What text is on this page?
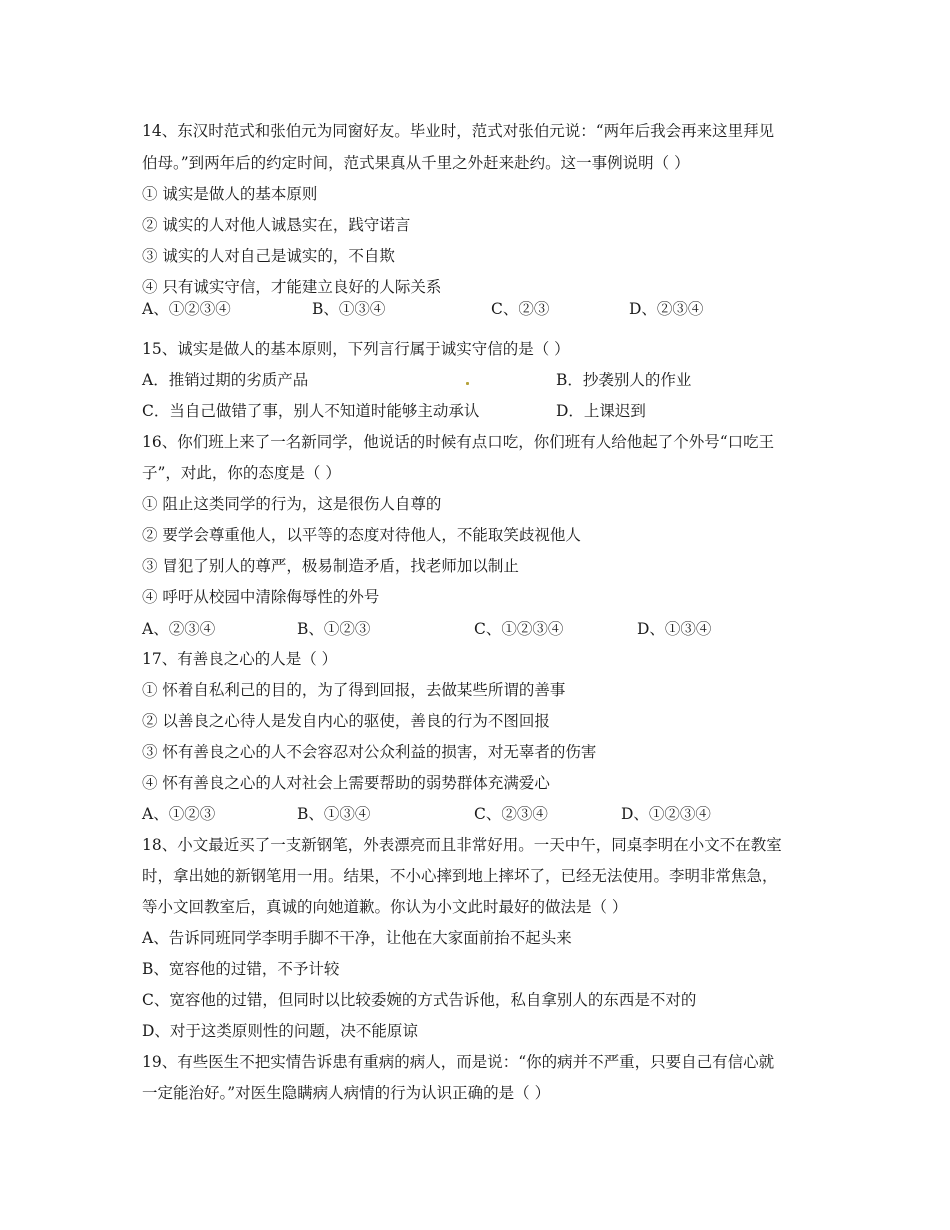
14、东汉时范式和张伯元为同窗好友。毕业时，范式对张伯元说：“两年后我会再来这里拜见
伯母。”到两年后的约定时间，范式果真从千里之外赶来赴约。这一事例说明（ ）
① 诚实是做人的基本原则
② 诚实的人对他人诚恳实在，践守诺言
③ 诚实的人对自己是诚实的，不自欺
④ 只有诚实守信，才能建立良好的人际关系
A、①②③④	B、①③④	C、②③	D、②③④
15、诚实是做人的基本原则，下列言行属于诚实守信的是（ ）
A．推销过期的劣质产品	B．抄袭别人的作业
C．当自己做错了事，别人不知道时能够主动承认	D．上课迟到
16、你们班上来了一名新同学，他说话的时候有点口吃，你们班有人给他起了个外号“口吃王
子”，对此，你的态度是（ ）
① 阻止这类同学的行为，这是很伤人自尊的
② 要学会尊重他人，以平等的态度对待他人，不能取笑歧视他人
③ 冒犯了别人的尊严，极易制造矛盾，找老师加以制止
④ 呼吁从校园中清除侮辱性的外号
A、②③④	B、①②③	C、①②③④	D、①③④
17、有善良之心的人是（ ）
① 怀着自私利己的目的，为了得到回报，去做某些所谓的善事
② 以善良之心待人是发自内心的驱使，善良的行为不图回报
③ 怀有善良之心的人不会容忍对公众利益的损害，对无辜者的伤害
④ 怀有善良之心的人对社会上需要帮助的弱势群体充满爱心
A、①②③	B、①③④	C、②③④	D、①②③④
18、小文最近买了一支新钢笔，外表漂亮而且非常好用。一天中午，同桌李明在小文不在教室
时，拿出她的新钢笔用一用。结果，不小心摔到地上摔坏了，已经无法使用。李明非常焦急，
等小文回教室后，真诚的向她道歉。你认为小文此时最好的做法是（ ）
A、告诉同班同学李明手脚不干净，让他在大家面前抬不起头来
B、宽容他的过错，不予计较
C、宽容他的过错，但同时以比较委婉的方式告诉他，私自拿别人的东西是不对的
D、对于这类原则性的问题，决不能原谅
19、有些医生不把实情告诉患有重病的病人，而是说：“你的病并不严重，只要自己有信心就
一定能治好。”对医生隐瞒病人病情的行为认识正确的是（ ）
